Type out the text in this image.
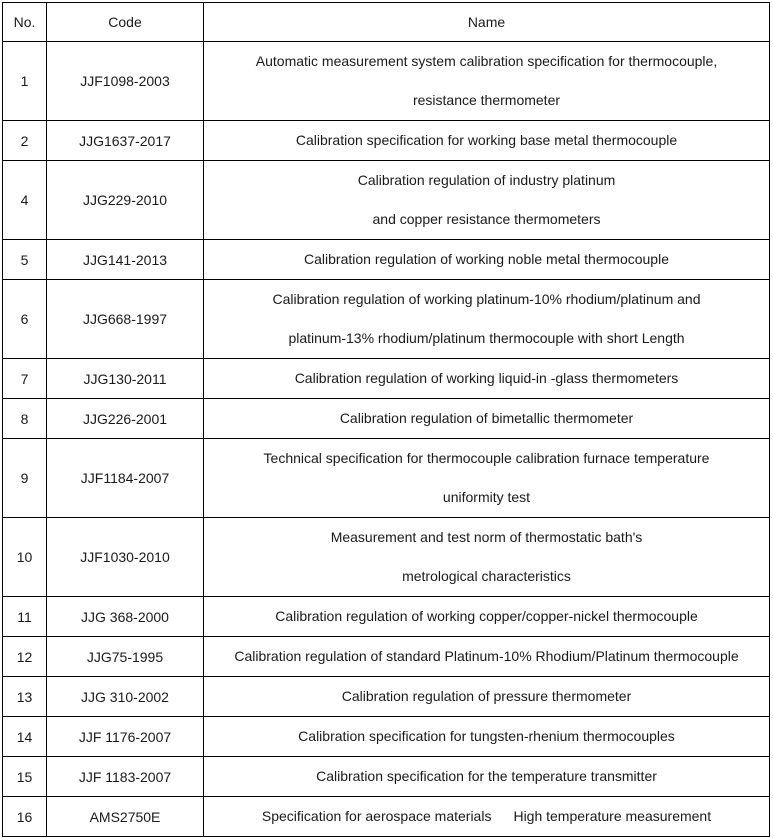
No.	Code	Name
1	JJF1098-2003	Automatic measurement system calibration specification for thermocouple,
resistance thermometer

2	JJG1637-2017	Calibration specification for working base metal thermocouple

4	JJG229-2010	Calibration regulation of industry platinum
and copper resistance thermometers

5	JJG141-2013	Calibration regulation of working noble metal thermocouple

6	JJG668-1997	Calibration regulation of working platinum-10% rhodium/platinum and
platinum-13% rhodium/platinum thermocouple with short Length

7	JJG130-2011	Calibration regulation of working liquid-in -glass thermometers

8	JJG226-2001	Calibration regulation of bimetallic thermometer

9	JJF1184-2007	Technical specification for thermocouple calibration furnace temperature
uniformity test

10	JJF1030-2010	Measurement and test norm of thermostatic bath's
metrological characteristics

11	JJG 368-2000	Calibration regulation of working copper/copper-nickel thermocouple

12	JJG75-1995	Calibration regulation of standard Platinum-10% Rhodium/Platinum thermocouple

13	JJG 310-2002	Calibration regulation of pressure thermometer

14	JJF 1176-2007	Calibration specification for tungsten-rhenium thermocouples

15	JJF 1183-2007	Calibration specification for the temperature transmitter

16	AMS2750E	Specification for aerospace materials High temperature measurement
